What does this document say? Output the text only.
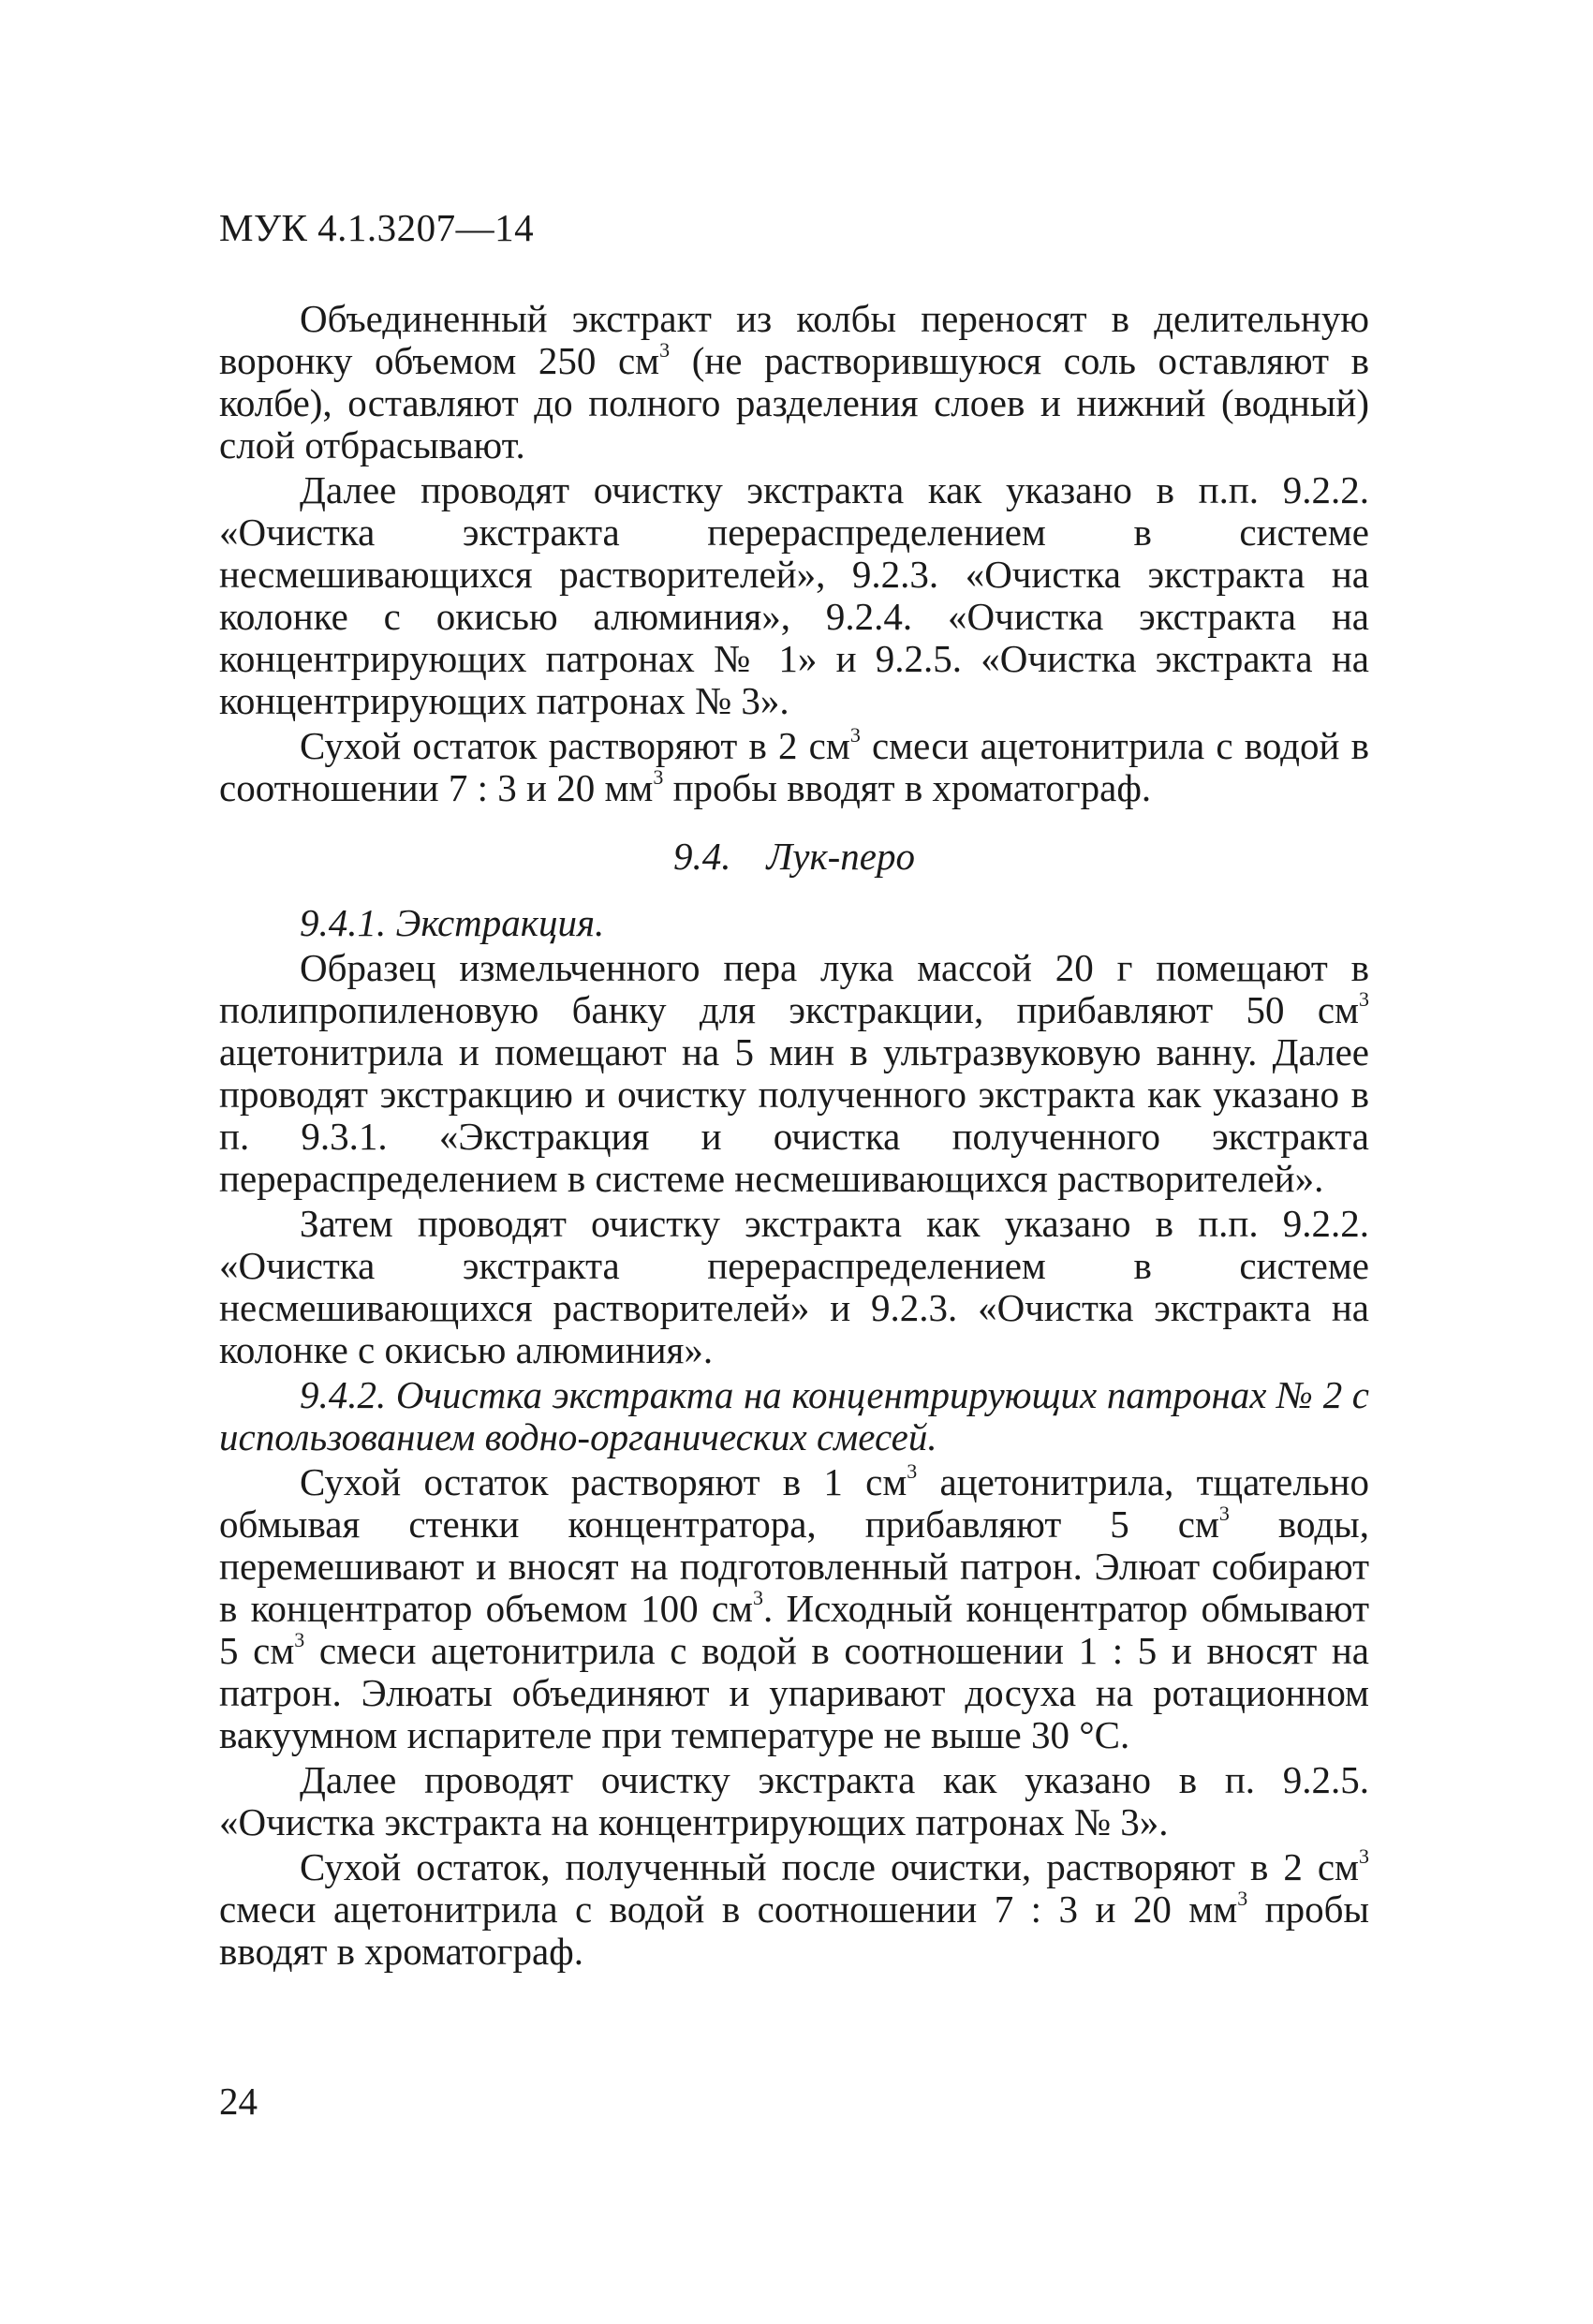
МУК 4.1.3207—14

Объединенный экстракт из колбы переносят в делительную воронку объемом 250 $см^3$ (не растворившуюся соль оставляют в колбе), оставляют до полного разделения слоев и нижний (водный) слой отбрасывают.

Далее проводят очистку экстракта как указано в п.п. 9.2.2. «Очистка экстракта перераспределением в системе несмешивающихся растворителей», 9.2.3. «Очистка экстракта на колонке с окисью алюминия», 9.2.4. «Очистка экстракта на концентрирующих патронах № 1» и 9.2.5. «Очистка экстракта на концентрирующих патронах № 3».

Сухой остаток растворяют в 2 $см^3$ смеси ацетонитрила с водой в соотношении 7 : 3 и 20 $мм^3$ пробы вводят в хроматограф.

9.4. Лук-перо

9.4.1. Экстракция.

Образец измельченного пера лука массой 20 г помещают в полипропиленовую банку для экстракции, прибавляют 50 $см^3$ ацетонитрила и помещают на 5 мин в ультразвуковую ванну. Далее проводят экстракцию и очистку полученного экстракта как указано в п. 9.3.1. «Экстракция и очистка полученного экстракта перераспределением в системе несмешивающихся растворителей».

Затем проводят очистку экстракта как указано в п.п. 9.2.2. «Очистка экстракта перераспределением в системе несмешивающихся растворителей» и 9.2.3. «Очистка экстракта на колонке с окисью алюминия».

9.4.2. Очистка экстракта на концентрирующих патронах № 2 с использованием водно-органических смесей.

Сухой остаток растворяют в 1 $см^3$ ацетонитрила, тщательно обмывая стенки концентратора, прибавляют 5 $см^3$ воды, перемешивают и вносят на подготовленный патрон. Элюат собирают в концентратор объемом 100 $см^3$. Исходный концентратор обмывают 5 $см^3$ смеси ацетонитрила с водой в соотношении 1 : 5 и вносят на патрон. Элюаты объединяют и упаривают досуха на ротационном вакуумном испарителе при температуре не выше 30 °С.

Далее проводят очистку экстракта как указано в п. 9.2.5. «Очистка экстракта на концентрирующих патронах № 3».

Сухой остаток, полученный после очистки, растворяют в 2 $см^3$ смеси ацетонитрила с водой в соотношении 7 : 3 и 20 $мм^3$ пробы вводят в хроматограф.

24
